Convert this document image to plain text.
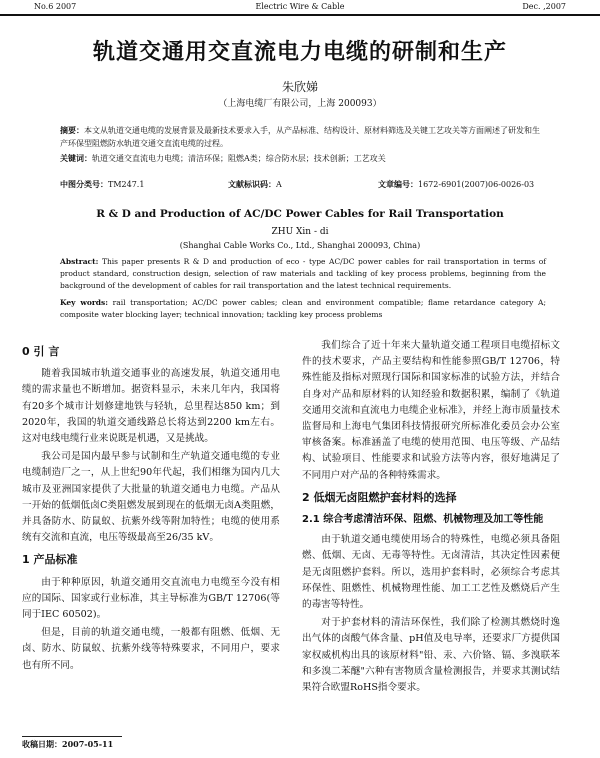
No.6 2007	Electric Wire & Cable	Dec. ,2007
轨道交通用交直流电力电缆的研制和生产
朱欣娣
（上海电缆厂有限公司，上海 200093）
摘要：本文从轨道交通电缆的发展背景及最新技术要求入手，从产品标准、结构设计、原材料筛选及关键工艺攻关等方面阐述了研发和生产环保型阻燃防水轨道交通交直流电缆的过程。
关键词：轨道交通交直流电力电缆；清洁环保；阻燃A类；综合防水层；技术创新；工艺攻关
中图分类号：TM247.1	文献标识码：A	文章编号：1672-6901(2007)06-0026-03
R & D and Production of AC/DC Power Cables for Rail Transportation
ZHU Xin - di
(Shanghai Cable Works Co., Ltd., Shanghai 200093, China)
Abstract: This paper presents R & D and production of eco - type AC/DC power cables for rail transportation in terms of product standard, construction design, selection of raw materials and tackling of key process problems, beginning from the background of the development of cables for rail transportation and the latest technical requirements.
Key words: rail transportation; AC/DC power cables; clean and environment compatible; flame retardance category A; composite water blocking layer; technical innovation; tackling key process problems
0 引 言

随着我国城市轨道交通事业的高速发展，轨道交通用电缆的需求量也不断增加。据资料显示，未来几年内，我国将有20多个城市计划修建地铁与轻轨，总里程达850 km；到2020年，我国的轨道交通线路总长将达到2200 km左右。这对电线电缆行业来说既是机遇，又是挑战。

我公司是国内最早参与试制和生产轨道交通电缆的专业电缆制造厂之一，从上世纪90年代起，我们相继为国内几大城市及亚洲国家提供了大批量的轨道交通电力电缆。产品从一开始的低烟低卤C类阻燃发展到现在的低烟无卤A类阻燃，并具备防水、防鼠蚁、抗紫外线等附加特性；电缆的使用系统有交流和直流，电压等级最高至26/35 kV。

1 产品标准

由于种种原因，轨道交通用交直流电力电缆至今没有相应的国际、国家或行业标准，其主导标准为GB/T 12706(等同于IEC 60502)。

但是，目前的轨道交通电缆，一般都有阻燃、低烟、无卤、防水、防鼠蚁、抗紫外线等特殊要求，不同用户，要求也有所不同。

我们综合了近十年来大量轨道交通工程项目电缆招标文件的技术要求，产品主要结构和性能参照GB/T 12706，特殊性能及指标对照现行国际和国家标准的试验方法，并结合自身对产品和原材料的认知经验和数据积累，编制了《轨道交通用交流和直流电力电缆企业标准》，并经上海市质量技术监督局和上海电气集团科技情报研究所标准化委员会办公室审核备案。标准涵盖了电缆的使用范围、电压等级、产品结构、试验项目、性能要求和试验方法等内容，很好地满足了不同用户对产品的各种特殊需求。

2 低烟无卤阻燃护套材料的选择
2.1 综合考虑清洁环保、阻燃、机械物理及加工等性能

由于轨道交通电缆使用场合的特殊性，电缆必须具备阻燃、低烟、无卤、无毒等特性。无卤清洁，其决定性因素便是无卤阻燃护套料。所以，选用护套料时，必须综合考虑其环保性、阻燃性、机械物理性能、加工工艺性及燃烧后产生的毒害等特性。

对于护套材料的清洁环保性，我们除了检测其燃烧时逸出气体的卤酸气体含量、pH值及电导率，还要求厂方提供国家权威机构出具的该原材料"铅、汞、六价铬、镉、多溴联苯和多溴二苯醚"六种有害物质含量检测报告，并要求其测试结果符合欧盟RoHS指令要求。

收稿日期：2007-05-11
